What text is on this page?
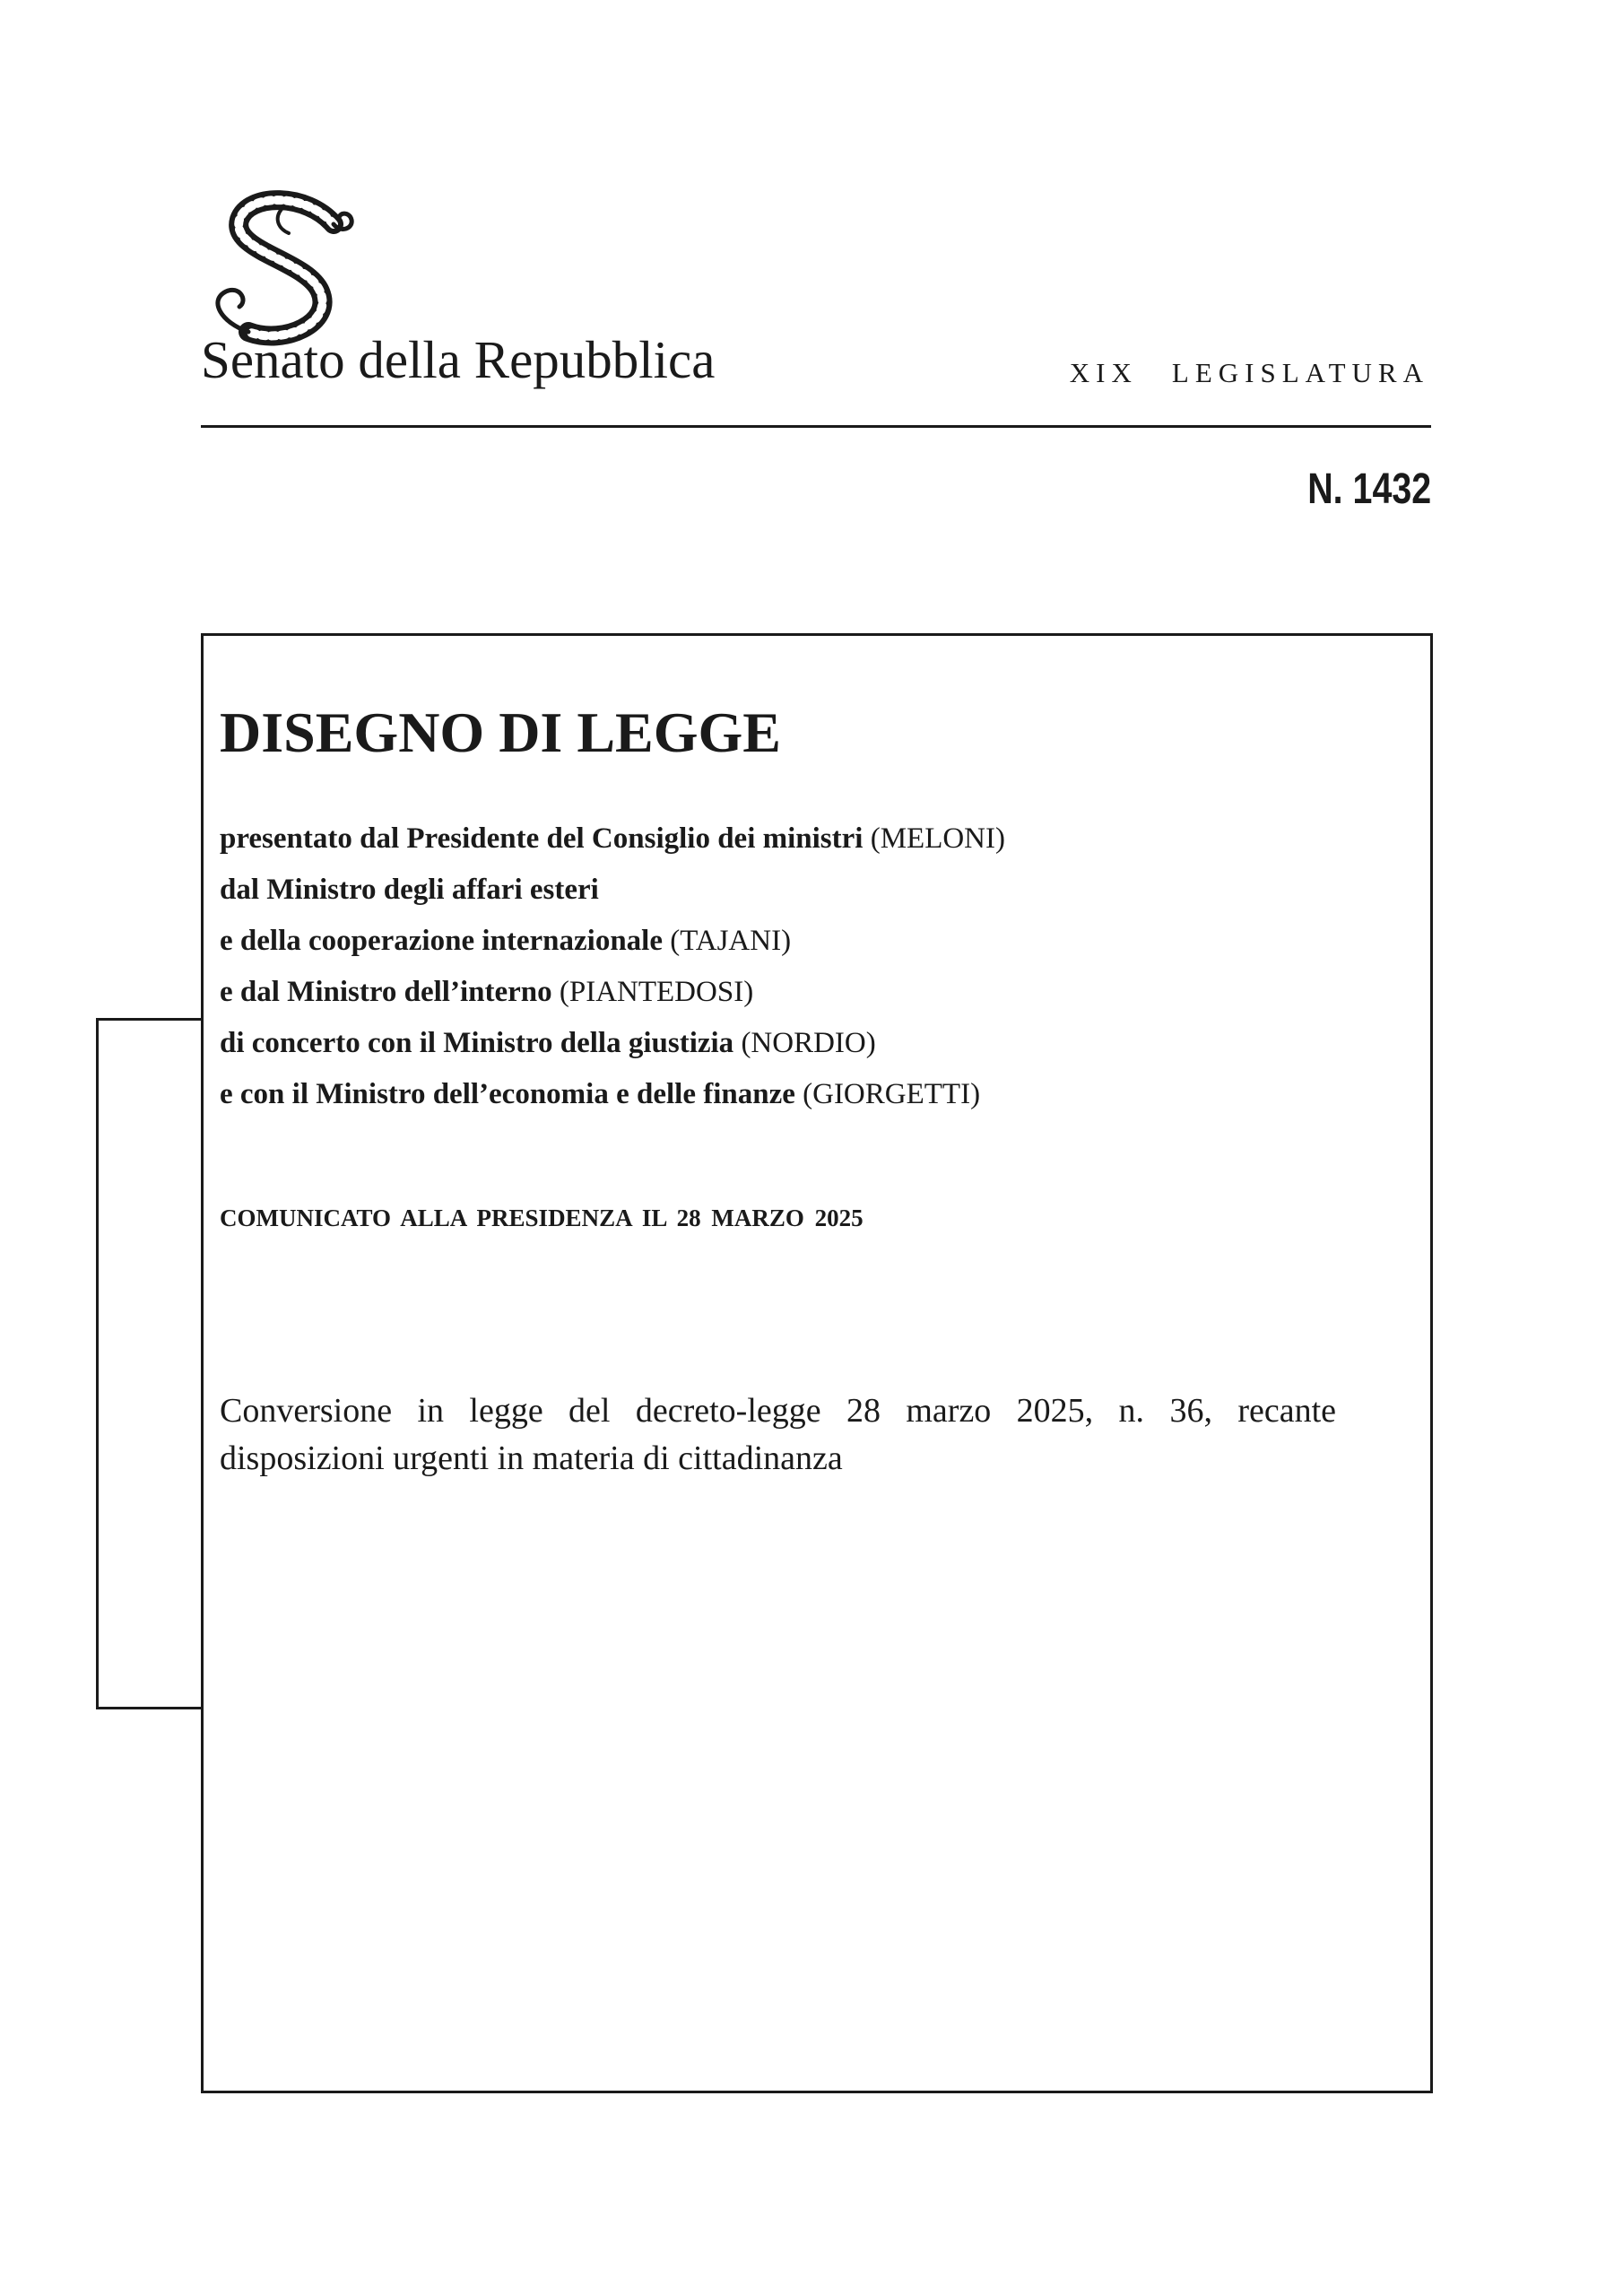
Senato della Repubblica	XIX LEGISLATURA
N. 1432
DISEGNO DI LEGGE
presentato dal Presidente del Consiglio dei ministri (MELONI)
dal Ministro degli affari esteri
e della cooperazione internazionale (TAJANI)
e dal Ministro dell’interno (PIANTEDOSI)
di concerto con il Ministro della giustizia (NORDIO)
e con il Ministro dell’economia e delle finanze (GIORGETTI)
COMUNICATO ALLA PRESIDENZA IL 28 MARZO 2025
Conversione in legge del decreto-legge 28 marzo 2025, n. 36, recante disposizioni urgenti in materia di cittadinanza
